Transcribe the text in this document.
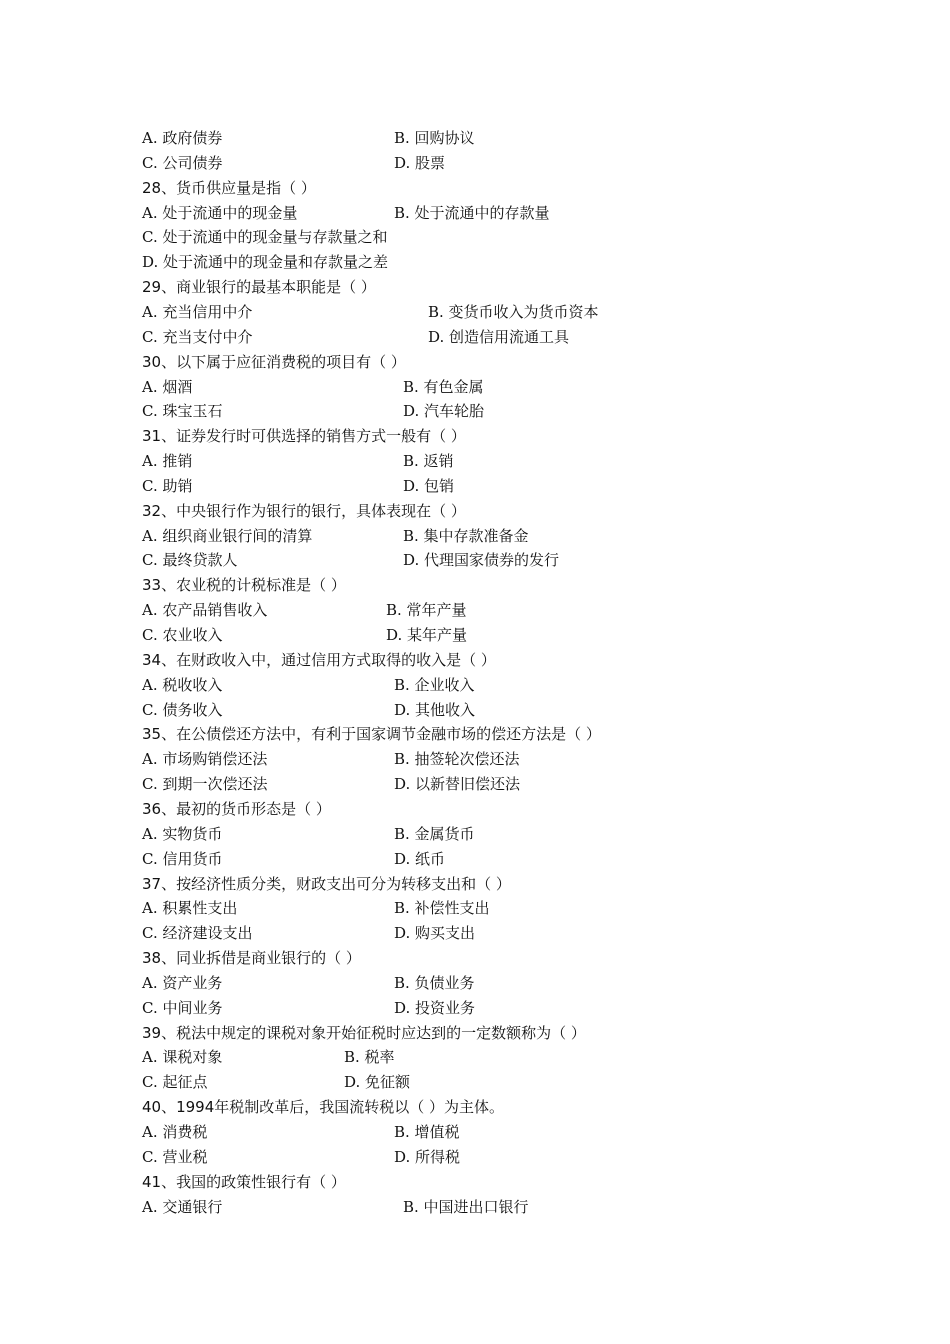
A. 政府债券	B. 回购协议
C. 公司债券	D. 股票
28、货币供应量是指（ ）
A. 处于流通中的现金量	B. 处于流通中的存款量
C. 处于流通中的现金量与存款量之和
D. 处于流通中的现金量和存款量之差
29、商业银行的最基本职能是（ ）
A. 充当信用中介	B. 变货币收入为货币资本
C. 充当支付中介	D. 创造信用流通工具
30、以下属于应征消费税的项目有（ ）
A. 烟酒	B. 有色金属
C. 珠宝玉石	D. 汽车轮胎
31、证券发行时可供选择的销售方式一般有（ ）
A. 推销	B. 返销
C. 助销	D. 包销
32、中央银行作为银行的银行，具体表现在（ ）
A. 组织商业银行间的清算	B. 集中存款准备金
C. 最终贷款人	D. 代理国家债券的发行
33、农业税的计税标准是（ ）
A. 农产品销售收入	B. 常年产量
C. 农业收入	D. 某年产量
34、在财政收入中，通过信用方式取得的收入是（ ）
A. 税收收入	B. 企业收入
C. 债务收入	D. 其他收入
35、在公债偿还方法中，有利于国家调节金融市场的偿还方法是（ ）
A. 市场购销偿还法	B. 抽签轮次偿还法
C. 到期一次偿还法	D. 以新替旧偿还法
36、最初的货币形态是（ ）
A. 实物货币	B. 金属货币
C. 信用货币	D. 纸币
37、按经济性质分类，财政支出可分为转移支出和（ ）
A. 积累性支出	B. 补偿性支出
C. 经济建设支出	D. 购买支出
38、同业拆借是商业银行的（ ）
A. 资产业务	B. 负债业务
C. 中间业务	D. 投资业务
39、税法中规定的课税对象开始征税时应达到的一定数额称为（ ）
A. 课税对象	B. 税率
C. 起征点	D. 免征额
40、1994年税制改革后，我国流转税以（ ）为主体。
A. 消费税	B. 增值税
C. 营业税	D. 所得税
41、我国的政策性银行有（ ）
A. 交通银行	B. 中国进出口银行
